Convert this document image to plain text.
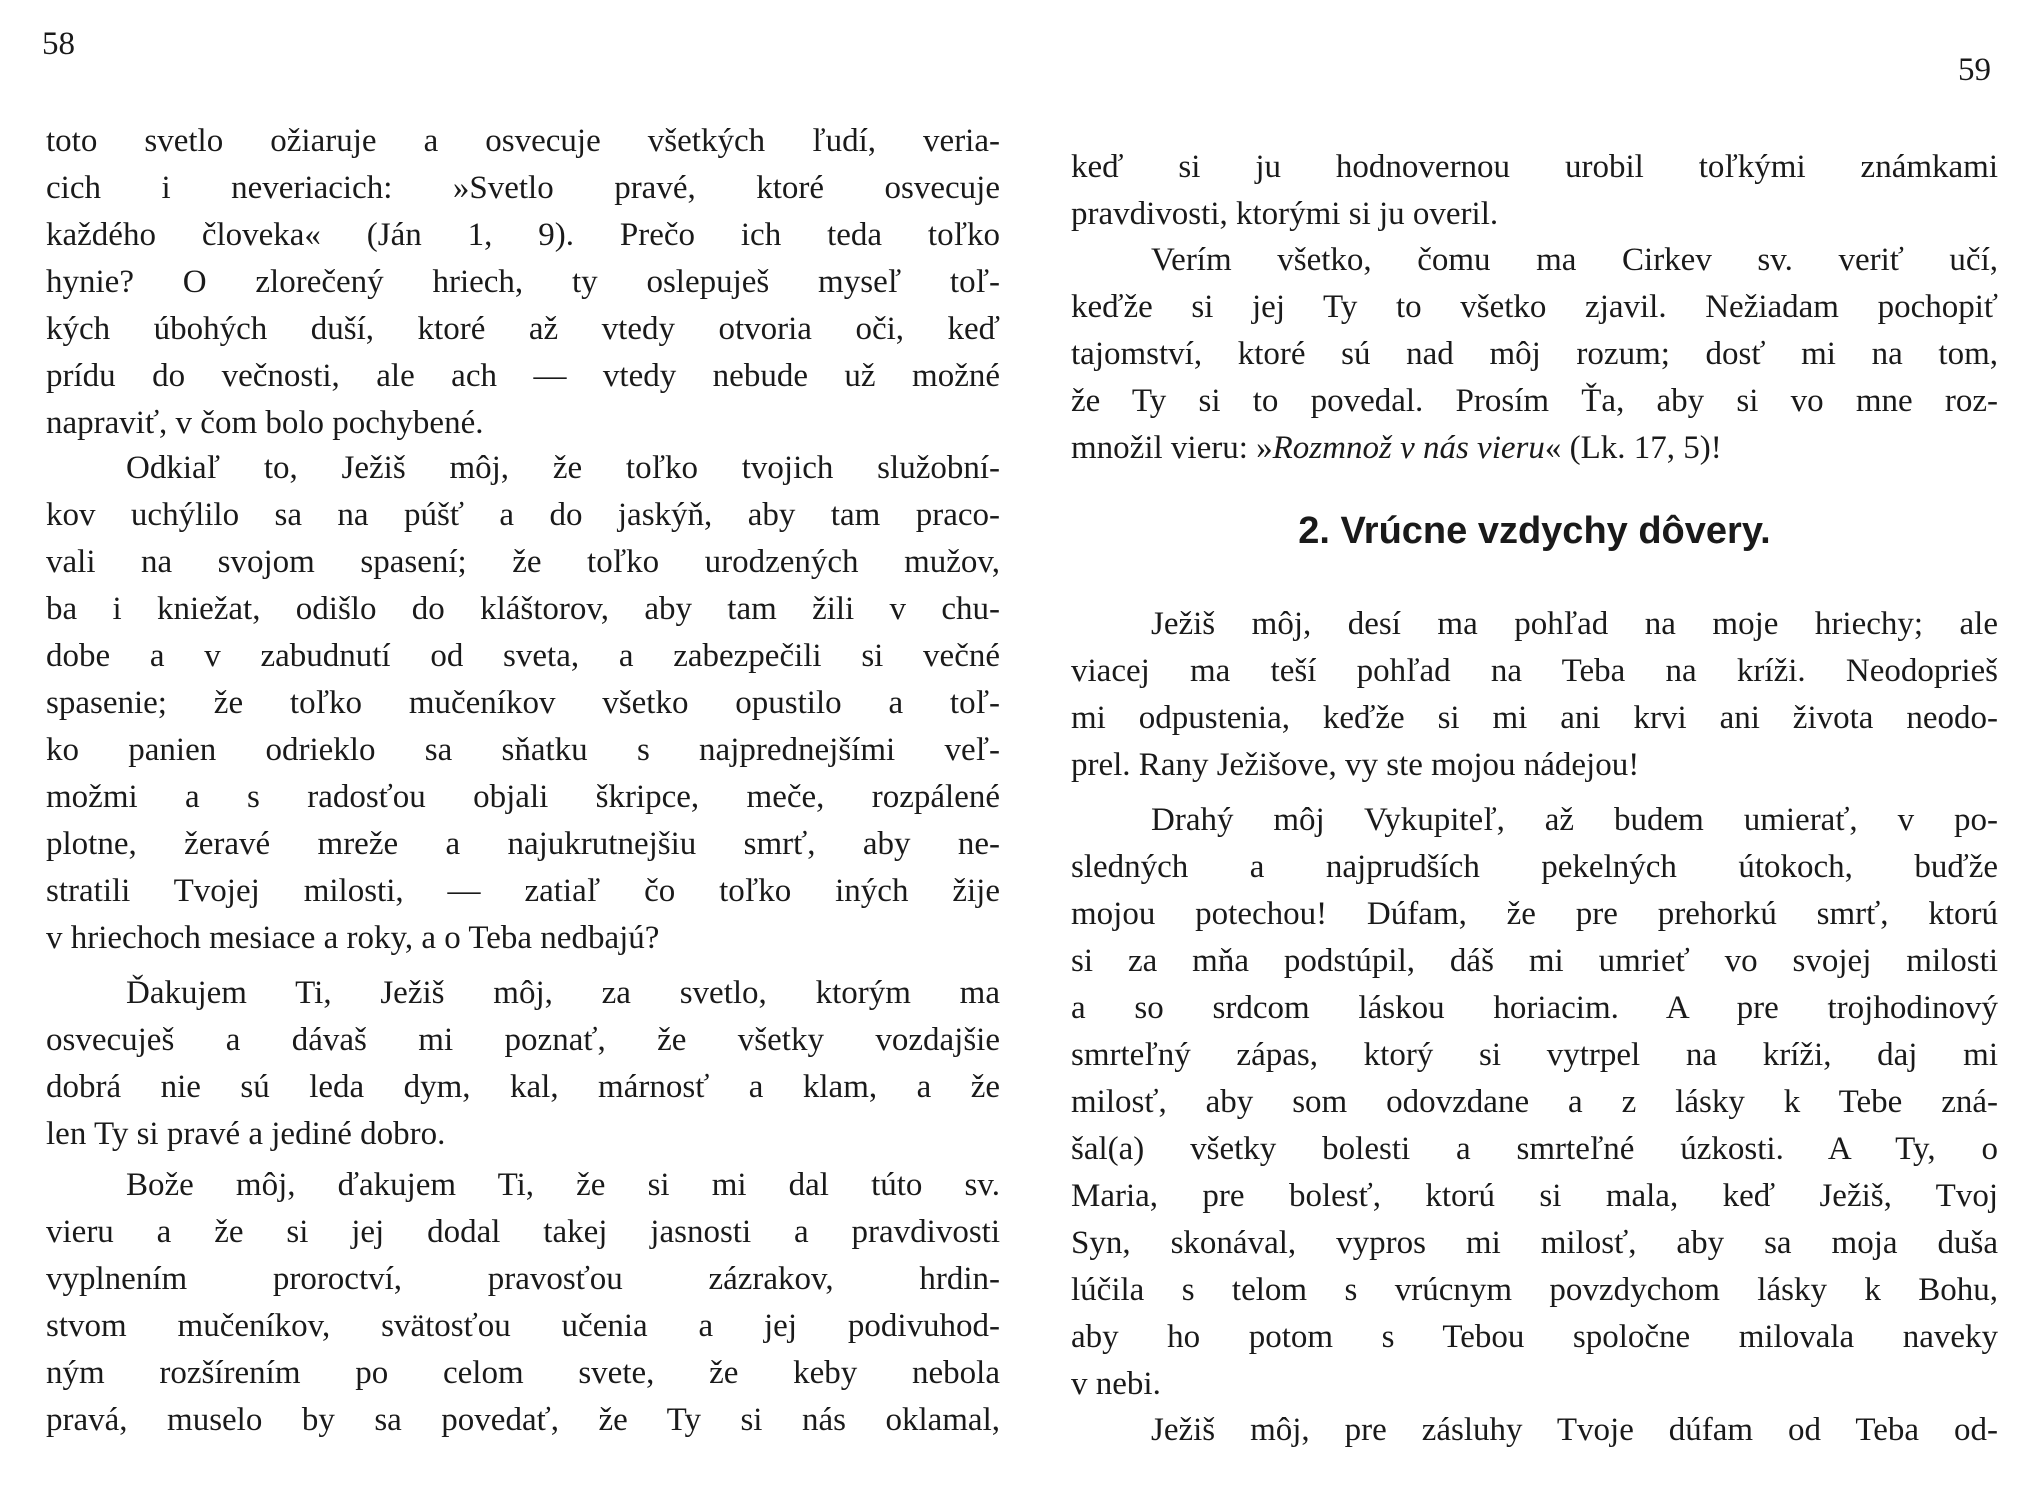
58
59
toto svetlo ožiaruje a osvecuje všetkých ľudí, veria-
cich i neveriacich: »Svetlo pravé, ktoré osvecuje
každého človeka« (Ján 1, 9). Prečo ich teda toľko
hynie? O zlorečený hriech, ty oslepuješ myseľ toľ-
kých úbohých duší, ktoré až vtedy otvoria oči, keď
prídu do večnosti, ale ach — vtedy nebude už možné
napraviť, v čom bolo pochybené.
Odkiaľ to, Ježiš môj, že toľko tvojich služobní-
kov uchýlilo sa na púšť a do jaskýň, aby tam praco-
vali na svojom spasení; že toľko urodzených mužov,
ba i kniežat, odišlo do kláštorov, aby tam žili v chu-
dobe a v zabudnutí od sveta, a zabezpečili si večné
spasenie; že toľko mučeníkov všetko opustilo a toľ-
ko panien odrieklo sa sňatku s najprednejšími veľ-
možmi a s radosťou objali škripce, meče, rozpálené
plotne, žeravé mreže a najukrutnejšiu smrť, aby ne-
stratili Tvojej milosti, — zatiaľ čo toľko iných žije
v hriechoch mesiace a roky, a o Teba nedbajú?
Ďakujem Ti, Ježiš môj, za svetlo, ktorým ma
osvecuješ a dávaš mi poznať, že všetky vozdajšie
dobrá nie sú leda dym, kal, márnosť a klam, a že
len Ty si pravé a jediné dobro.
Bože môj, ďakujem Ti, že si mi dal túto sv.
vieru a že si jej dodal takej jasnosti a pravdivosti
vyplnením proroctví, pravosťou zázrakov, hrdin-
stvom mučeníkov, svätosťou učenia a jej podivuhod-
ným rozšírením po celom svete, že keby nebola
pravá, muselo by sa povedať, že Ty si nás oklamal,
keď si ju hodnovernou urobil toľkými známkami
pravdivosti, ktorými si ju overil.
Verím všetko, čomu ma Cirkev sv. veriť učí,
keďže si jej Ty to všetko zjavil. Nežiadam pochopiť
tajomství, ktoré sú nad môj rozum; dosť mi na tom,
že Ty si to povedal. Prosím Ťa, aby si vo mne roz-
množil vieru: »Rozmnož v nás vieru« (Lk. 17, 5)!
2. Vrúcne vzdychy dôvery.
Ježiš môj, desí ma pohľad na moje hriechy; ale
viacej ma teší pohľad na Teba na kríži. Neodoprieš
mi odpustenia, keďže si mi ani krvi ani života neodo-
prel. Rany Ježišove, vy ste mojou nádejou!
Drahý môj Vykupiteľ, až budem umierať, v po-
sledných a najprudších pekelných útokoch, buďže
mojou potechou! Dúfam, že pre prehorkú smrť, ktorú
si za mňa podstúpil, dáš mi umrieť vo svojej milosti
a so srdcom láskou horiacim. A pre trojhodinový
smrteľný zápas, ktorý si vytrpel na kríži, daj mi
milosť, aby som odovzdane a z lásky k Tebe zná-
šal(a) všetky bolesti a smrteľné úzkosti. A Ty, o
Maria, pre bolesť, ktorú si mala, keď Ježiš, Tvoj
Syn, skonával, vypros mi milosť, aby sa moja duša
lúčila s telom s vrúcnym povzdychom lásky k Bohu,
aby ho potom s Tebou spoločne milovala naveky
v nebi.
Ježiš môj, pre zásluhy Tvoje dúfam od Teba od-
